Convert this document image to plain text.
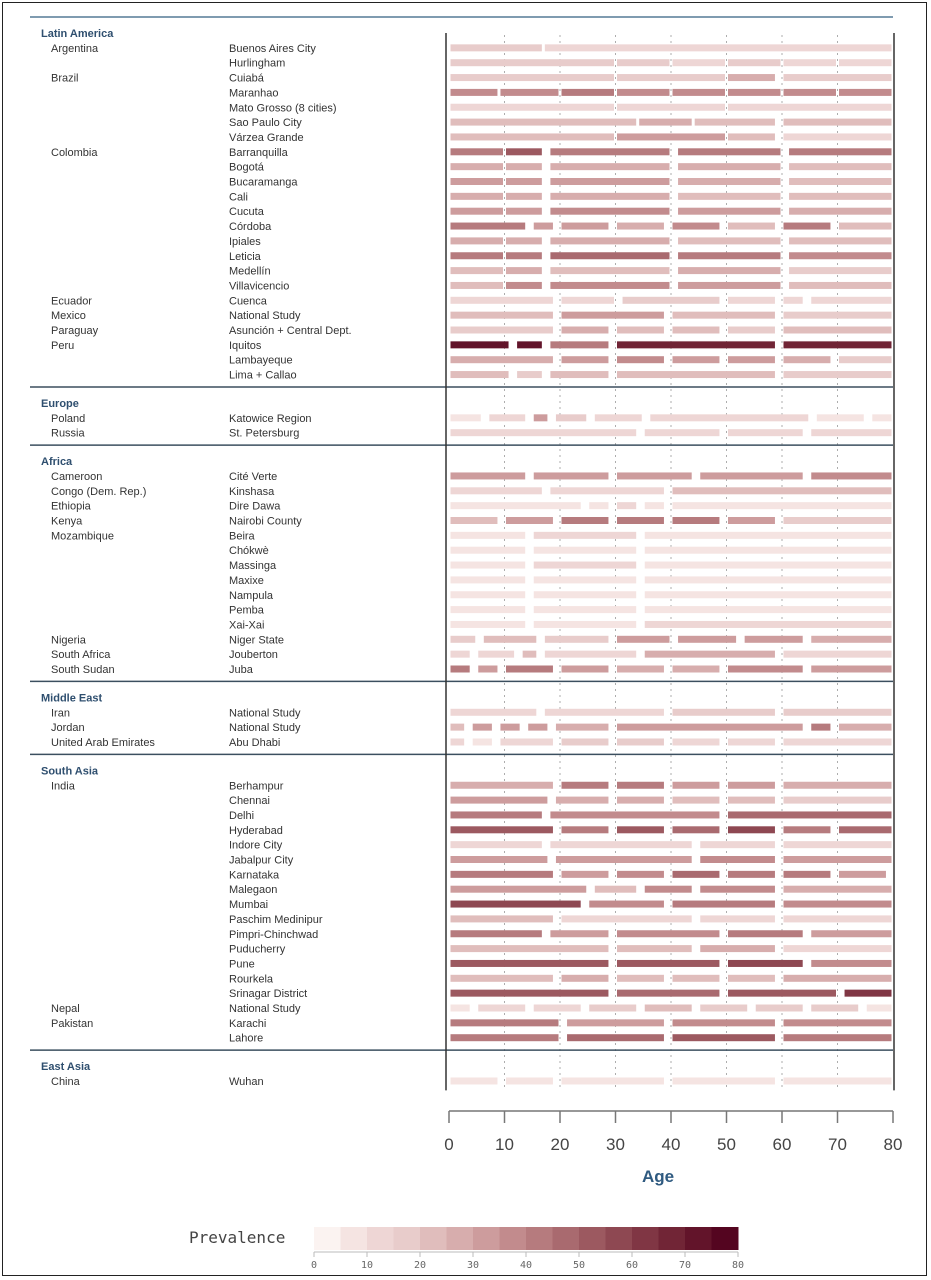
Latin America
Argentina	Buenos Aires City
Hurlingham
Brazil	Cuiabá
Maranhao
Mato Grosso (8 cities)
Sao Paulo City
Várzea Grande
Colombia	Barranquilla
Bogotá
Bucaramanga
Cali
Cucuta
Córdoba
Ipiales
Leticia
Medellín
Villavicencio
Ecuador	Cuenca
Mexico	National Study
Paraguay	Asunción + Central Dept.
Peru	Iquitos
Lambayeque
Lima + Callao
Europe
Poland	Katowice Region
Russia	St. Petersburg
Africa
Cameroon	Cité Verte
Congo (Dem. Rep.)	Kinshasa
Ethiopia	Dire Dawa
Kenya	Nairobi County
Mozambique	Beira
Chókwè
Massinga
Maxixe
Nampula
Pemba
Xai-Xai
Nigeria	Niger State
South Africa	Jouberton
South Sudan	Juba
Middle East
Iran	National Study
Jordan	National Study
United Arab Emirates	Abu Dhabi
South Asia
India	Berhampur
Chennai
Delhi
Hyderabad
Indore City
Jabalpur City
Karnataka
Malegaon
Mumbai
Paschim Medinipur
Pimpri-Chinchwad
Puducherry
Pune
Rourkela
Srinagar District
Nepal	National Study
Pakistan	Karachi
Lahore
East Asia
China	Wuhan
Age
0 10 20 30 40 50 60 70 80
Prevalence
0	10	20	30	40	50	60	70	80
